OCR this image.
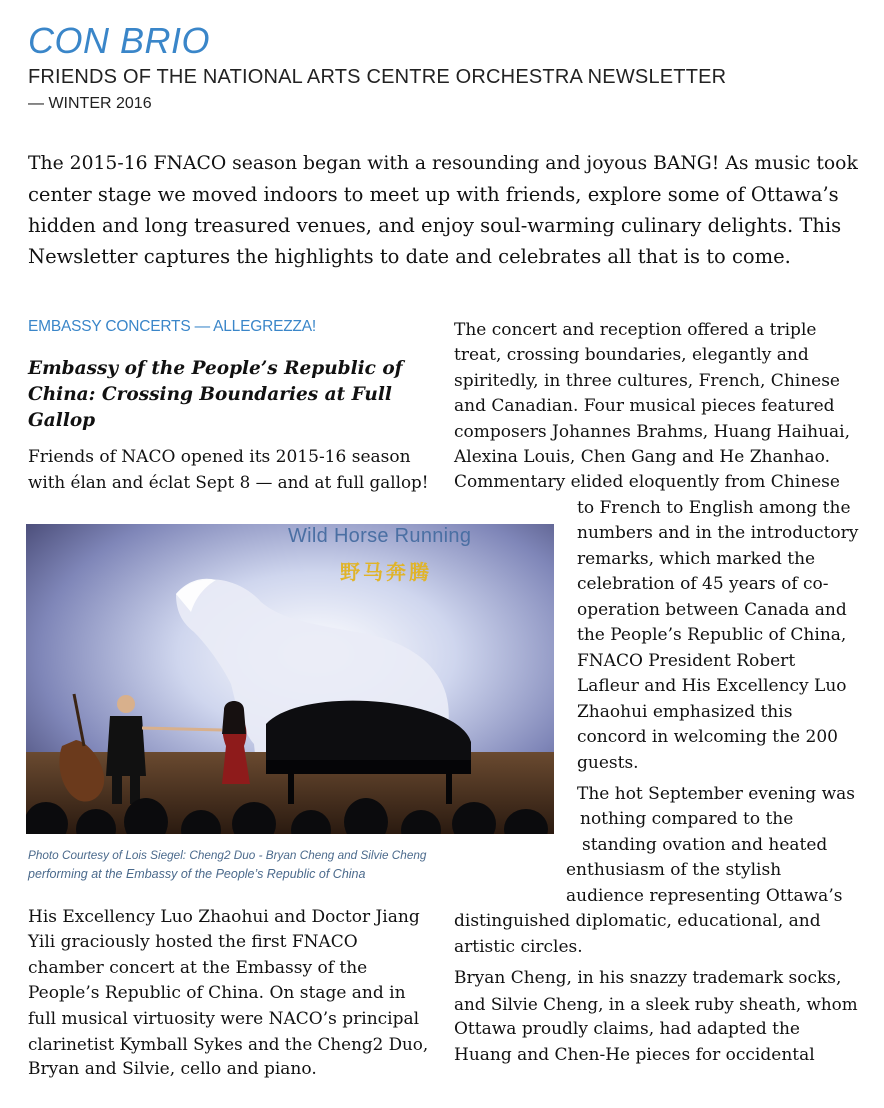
CON BRIO
FRIENDS OF THE NATIONAL ARTS CENTRE ORCHESTRA NEWSLETTER
— WINTER 2016
The 2015-16 FNACO season began with a resounding and joyous BANG! As music took
center stage we moved indoors to meet up with friends, explore some of Ottawa’s
hidden and long treasured venues, and enjoy soul-warming culinary delights. This
Newsletter captures the highlights to date and celebrates all that is to come.
EMBASSY CONCERTS — ALLEGREZZA!
Embassy of the People’s Republic of
China: Crossing Boundaries at Full
Gallop
Friends of NACO opened its 2015-16 season
with élan and éclat Sept 8 — and at full gallop!
Wild Horse Running
野马奔腾
Photo Courtesy of Lois Siegel: Cheng2 Duo - Bryan Cheng and Silvie Cheng
performing at the Embassy of the People’s Republic of China
His Excellency Luo Zhaohui and Doctor Jiang
Yili graciously hosted the first FNACO
chamber concert at the Embassy of the
People’s Republic of China. On stage and in
full musical virtuosity were NACO’s principal
clarinetist Kymball Sykes and the Cheng2 Duo,
Bryan and Silvie, cello and piano.
The concert and reception offered a triple
treat, crossing boundaries, elegantly and
spiritedly, in three cultures, French, Chinese
and Canadian. Four musical pieces featured
composers Johannes Brahms, Huang Haihuai,
Alexina Louis, Chen Gang and He Zhanhao.
Commentary elided eloquently from Chinese
to French to English among the
numbers and in the introductory
remarks, which marked the
celebration of 45 years of co-
operation between Canada and
the People’s Republic of China,
FNACO President Robert
Lafleur and His Excellency Luo
Zhaohui emphasized this
concord in welcoming the 200
guests.
The hot September evening was
nothing compared to the
standing ovation and heated
enthusiasm of the stylish
audience representing Ottawa’s
distinguished diplomatic, educational, and
artistic circles.
Bryan Cheng, in his snazzy trademark socks,
and Silvie Cheng, in a sleek ruby sheath, whom
Ottawa proudly claims, had adapted the
Huang and Chen-He pieces for occidental
